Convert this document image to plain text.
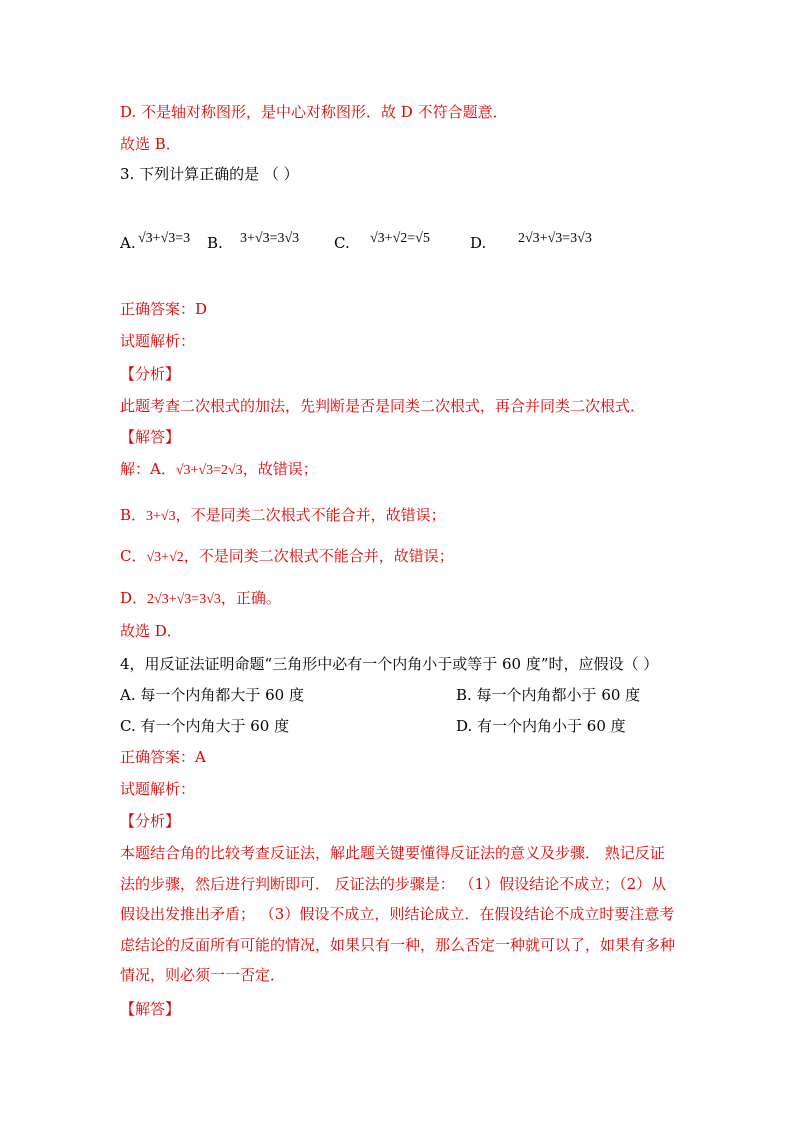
D. 不是轴对称图形，是中心对称图形．故 D 不符合题意．
故选 B．
3. 下列计算正确的是 （ ）
A. √3+√3=3 B. 3+√3=3√3 C. √3+√2=√5	D. 2√3+√3=3√3
正确答案：D
试题解析：
【分析】
此题考查二次根式的加法，先判断是否是同类二次根式，再合并同类二次根式．
【解答】
解：A．√3+√3=2√3，故错误；
B．3+√3，不是同类二次根式不能合并，故错误；
C．√3+√2，不是同类二次根式不能合并，故错误；
D．2√3+√3=3√3，正确。
故选 D．
4，用反证法证明命题“三角形中必有一个内角小于或等于 60 度”时，应假设（ ）
A. 每一个内角都大于 60 度	B. 每一个内角都小于 60 度
C. 有一个内角大于 60 度	D. 有一个内角小于 60 度
正确答案：A
试题解析：
【分析】
本题结合角的比较考查反证法，解此题关键要懂得反证法的意义及步骤． 熟记反证法的步骤，然后进行判断即可． 反证法的步骤是： （1）假设结论不成立；（2）从假设出发推出矛盾； （3）假设不成立，则结论成立．在假设结论不成立时要注意考虑结论的反面所有可能的情况，如果只有一种，那么否定一种就可以了，如果有多种情况，则必须一一否定．
【解答】
